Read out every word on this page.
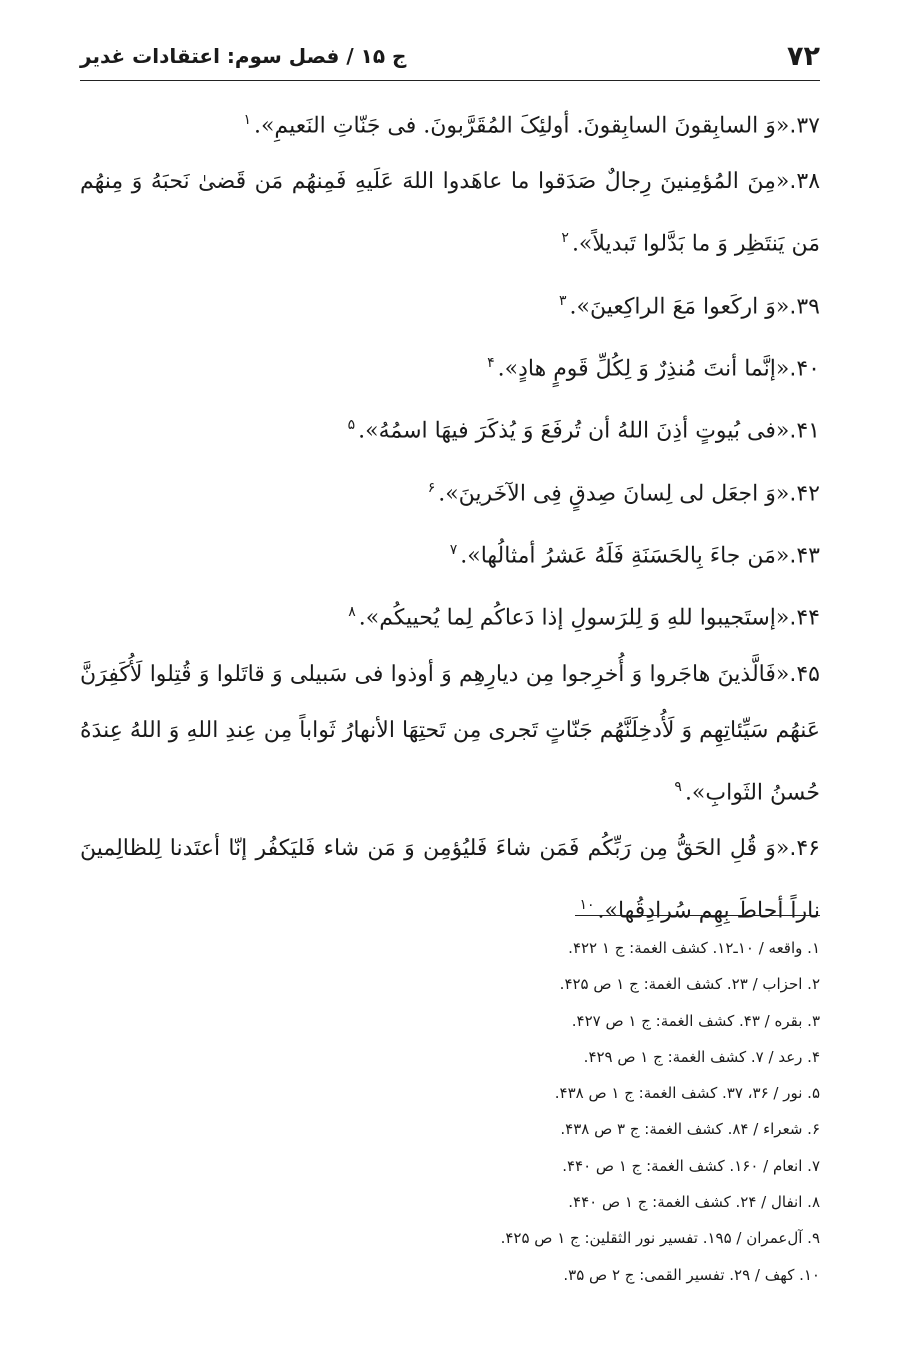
۷۲
ج ۱۵ / فصل سوم: اعتقادات غدیر

۳۷.«وَ السابِقونَ السابِقونَ. أولئِکَ المُقَرَّبونَ. فی جَنّاتِ النَعیمِ».$^۱$

۳۸.«مِنَ المُؤمِنینَ رِجالٌ صَدَقوا ما عاهَدوا اللهَ عَلَیهِ فَمِنهُم مَن قَضیٰ نَحبَهُ وَ مِنهُم مَن یَنتَظِر وَ ما بَدَّلوا تَبدیلاً».$^۲$

۳۹.«وَ ارکَعوا مَعَ الراکِعینَ».$^۳$

۴۰.«إنَّما أنتَ مُنذِرٌ وَ لِکُلِّ قَومٍ هادٍ».$^۴$

۴۱.«فی بُیوتٍ أذِنَ اللهُ أن تُرفَعَ وَ یُذکَرَ فیهَا اسمُهُ».$^۵$

۴۲.«وَ اجعَل لی لِسانَ صِدقٍ فِی الآخَرینَ».$^۶$

۴۳.«مَن جاءَ بِالحَسَنَةِ فَلَهُ عَشرُ أمثالُها».$^۷$

۴۴.«إستَجیبوا للهِ وَ لِلرَسولِ إذا دَعاکُم لِما یُحییکُم».$^۸$

۴۵.«فَالَّذینَ هاجَروا وَ أُخرِجوا مِن دیارِهِم وَ أوذوا فی سَبیلی وَ قاتَلوا وَ قُتِلوا لَأُکَفِرَنَّ عَنهُم سَیِّئاتِهِم وَ لَأُدخِلَنَّهُم جَنّاتٍ تَجری مِن تَحتِهَا الأنهارُ ثَواباً مِن عِندِ اللهِ وَ اللهُ عِندَهُ حُسنُ الثَوابِ».$^۹$

۴۶.«وَ قُلِ الحَقُّ مِن رَبِّکُم فَمَن شاءَ فَلیُؤمِن وَ مَن شاء فَلیَکفُر إنّا أعتَدنا لِلظالِمینَ ناراً أحاطَ بِهِم سُرادِقُها».$^{۱۰}$

۱. واقعه / ۱۰ـ۱۲. کشف الغمة: ج ۱ ۴۲۲.
۲. احزاب / ۲۳. کشف الغمة: ج ۱ ص ۴۲۵.
۳. بقره / ۴۳. کشف الغمة: ج ۱ ص ۴۲۷.
۴. رعد / ۷. کشف الغمة: ج ۱ ص ۴۲۹.
۵. نور / ۳۶، ۳۷. کشف الغمة: ج ۱ ص ۴۳۸.
۶. شعراء / ۸۴. کشف الغمة: ج ۳ ص ۴۳۸.
۷. انعام / ۱۶۰. کشف الغمة: ج ۱ ص ۴۴۰.
۸. انفال / ۲۴. کشف الغمة: ج ۱ ص ۴۴۰.
۹. آل‌عمران / ۱۹۵. تفسیر نور الثقلین: ج ۱ ص ۴۲۵.
۱۰. کهف / ۲۹. تفسیر القمی: ج ۲ ص ۳۵.
